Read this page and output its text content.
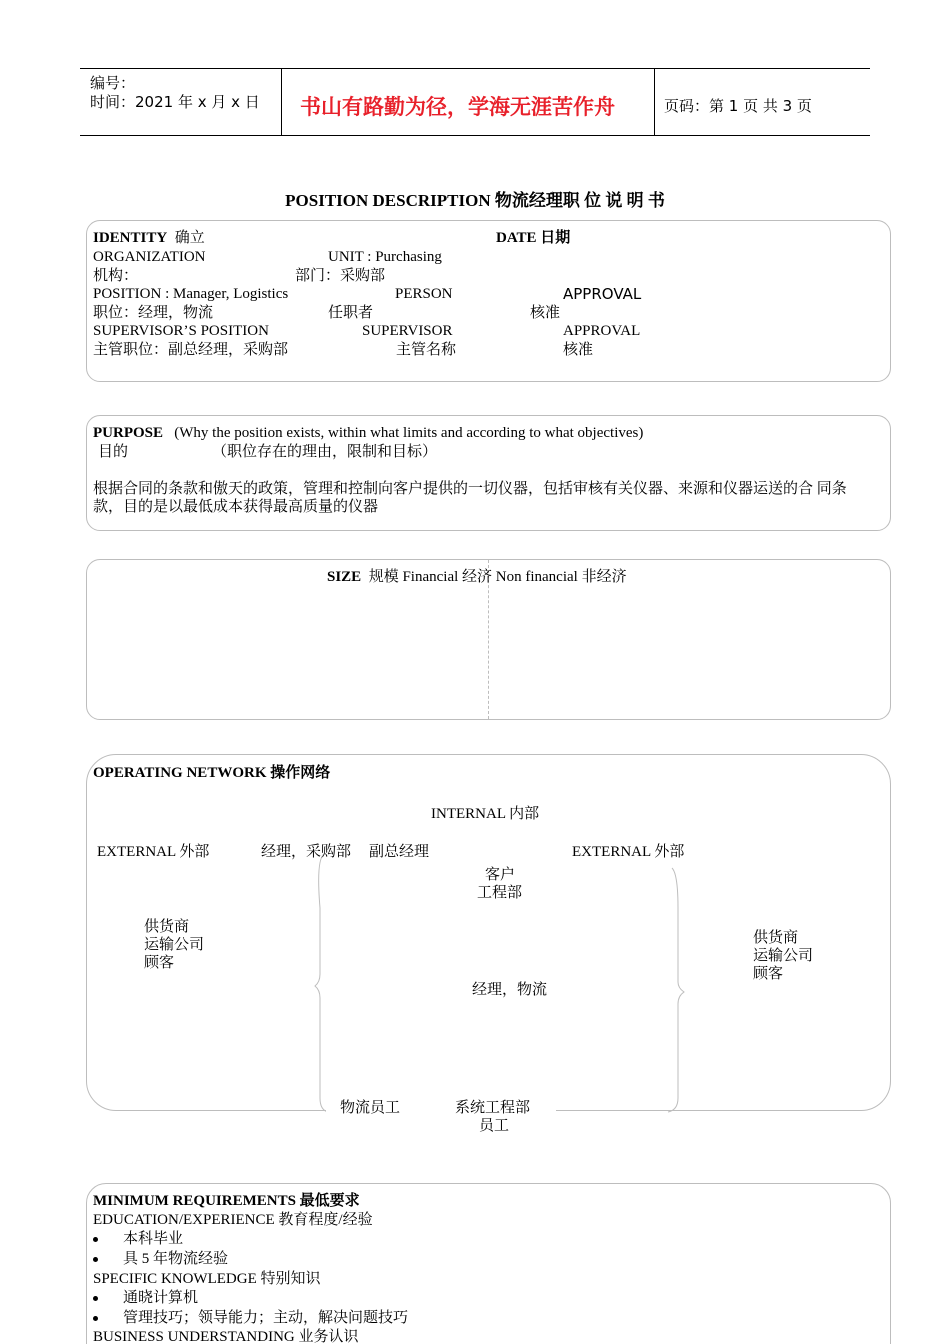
编号：
时间：2021 年 x 月 x 日 书山有路勤为径，学海无涯苦作舟	页码：第 1 页 共 3 页
POSITION DESCRIPTION 物流经理职 位 说 明 书
IDENTITY 确立	DATE 日期
ORGANIZATION	UNIT : Purchasing
机构：	部门：采购部
POSITION : Manager, Logistics	PERSON	APPROVAL
职位：经理，物流	任职者	核准
SUPERVISOR’S POSITION	SUPERVISOR	APPROVAL
主管职位：副总经理，采购部	主管名称	核准
PURPOSE (Why the position exists, within what limits and according to what objectives)
目的	（职位存在的理由，限制和目标）
根据合同的条款和傲天的政策，管理和控制向客户提供的一切仪器，包括审核有关仪器、来源和仪器运送的合 同条
款，目的是以最低成本获得最高质量的仪器
SIZE 规模 Financial 经济 Non financial 非经济
OPERATING NETWORK 操作网络
INTERNAL 内部
EXTERNAL 外部	经理，采购部 副总经理	EXTERNAL 外部
客户
工程部
供货商
运输公司
顾客
供货商
运输公司
顾客
经理，物流
物流员工	系统工程部
员工
MINIMUM REQUIREMENTS 最低要求
EDUCATION/EXPERIENCE 教育程度/经验
本科毕业
具 5 年物流经验
SPECIFIC KNOWLEDGE 特别知识
通晓计算机
管理技巧；领导能力；主动，解决问题技巧
BUSINESS UNDERSTANDING 业务认识
